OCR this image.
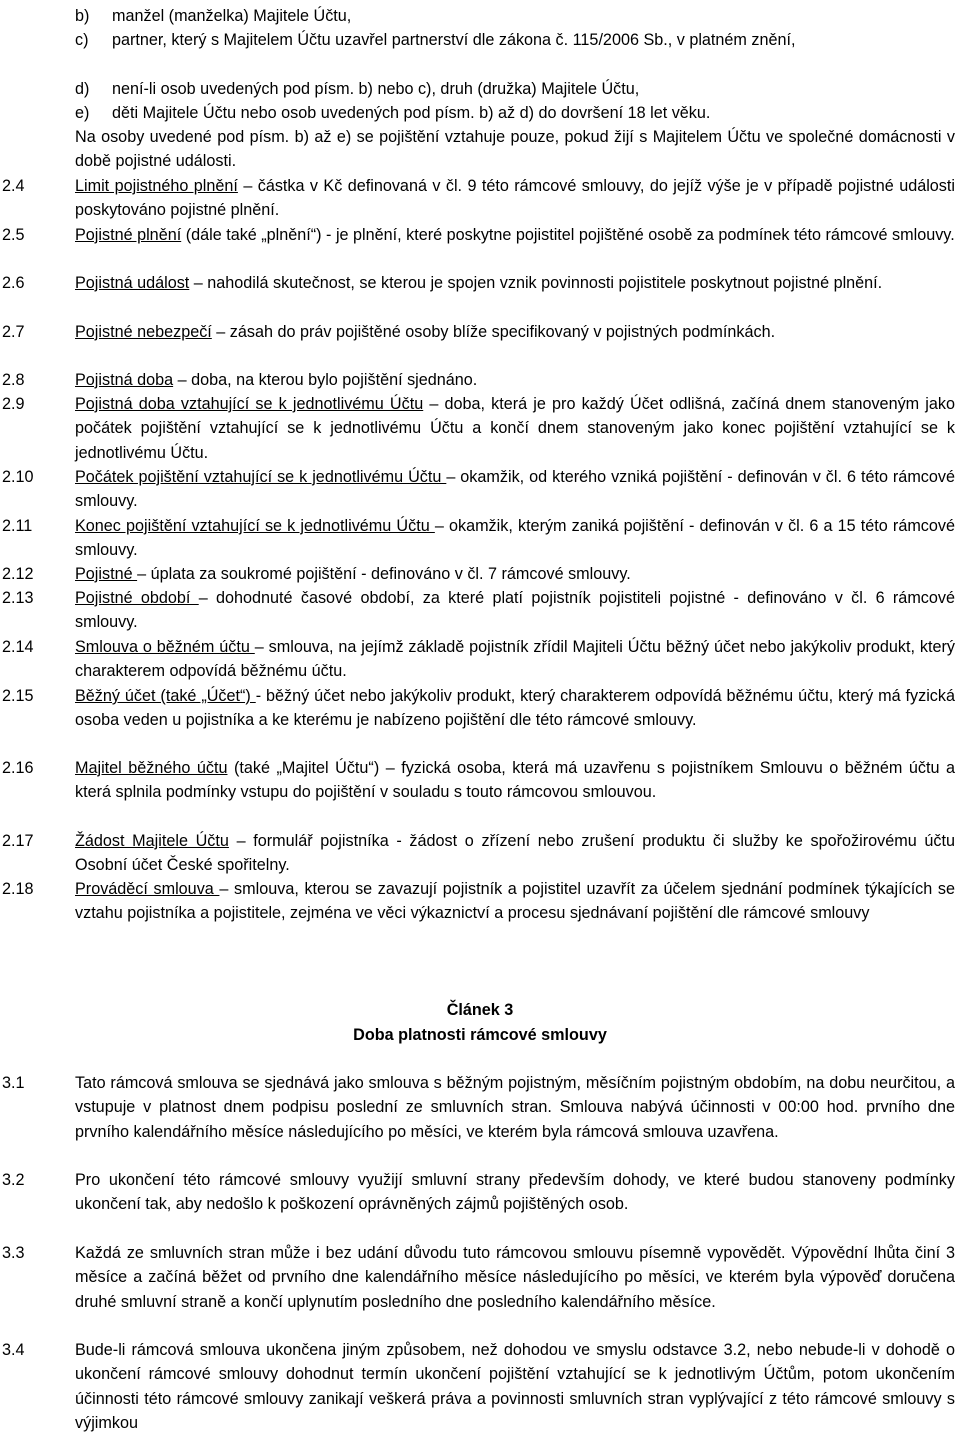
b)	manžel (manželka) Majitele Účtu,
c)	partner, který s Majitelem Účtu uzavřel partnerství dle zákona č. 115/2006 Sb., v platném znění,
d)	není-li osob uvedených pod písm. b) nebo c), druh (družka) Majitele Účtu,
e)	děti Majitele Účtu nebo osob uvedených pod písm. b) až d) do dovršení 18 let věku.
Na osoby uvedené pod písm. b) až e) se pojištění vztahuje pouze, pokud žijí s Majitelem Účtu ve společné domácnosti v době pojistné události.
2.4	Limit pojistného plnění – částka v Kč definovaná v čl. 9 této rámcové smlouvy, do jejíž výše je v případě pojistné události poskytováno pojistné plnění.
2.5	Pojistné plnění (dále také „plnění“) - je plnění, které poskytne pojistitel pojištěné osobě za podmínek této rámcové smlouvy.
2.6	Pojistná událost – nahodilá skutečnost, se kterou je spojen vznik povinnosti pojistitele poskytnout pojistné plnění.
2.7	Pojistné nebezpečí – zásah do práv pojištěné osoby blíže specifikovaný v pojistných podmínkách.
2.8	Pojistná doba – doba, na kterou bylo pojištění sjednáno.
2.9	Pojistná doba vztahující se k jednotlivému Účtu – doba, která je pro každý Účet odlišná, začíná dnem stanoveným jako počátek pojištění vztahující se k jednotlivému Účtu a končí dnem stanoveným jako konec pojištění vztahující se k jednotlivému Účtu.
2.10	Počátek pojištění vztahující se k jednotlivému Účtu – okamžik, od kterého vzniká pojištění - definován v čl. 6 této rámcové smlouvy.
2.11	Konec pojištění vztahující se k jednotlivému Účtu – okamžik, kterým zaniká pojištění - definován v čl. 6 a 15 této rámcové smlouvy.
2.12	Pojistné – úplata za soukromé pojištění - definováno v čl. 7 rámcové smlouvy.
2.13	Pojistné období – dohodnuté časové období, za které platí pojistník pojistiteli pojistné - definováno v čl. 6 rámcové smlouvy.
2.14	Smlouva o běžném účtu – smlouva, na jejímž základě pojistník zřídil Majiteli Účtu běžný účet nebo jakýkoliv produkt, který charakterem odpovídá běžnému účtu.
2.15	Běžný účet (také „Účet“) - běžný účet nebo jakýkoliv produkt, který charakterem odpovídá běžnému účtu, který má fyzická osoba veden u pojistníka a ke kterému je nabízeno pojištění dle této rámcové smlouvy.
2.16	Majitel běžného účtu (také „Majitel Účtu“) – fyzická osoba, která má uzavřenu s pojistníkem Smlouvu o běžném účtu a která splnila podmínky vstupu do pojištění v souladu s touto rámcovou smlouvou.
2.17	Žádost Majitele Účtu – formulář pojistníka - žádost o zřízení nebo zrušení produktu či služby ke spořožirovému účtu Osobní účet České spořitelny.
2.18	Prováděcí smlouva – smlouva, kterou se zavazují pojistník a pojistitel uzavřít za účelem sjednání podmínek týkajících se vztahu pojistníka a pojistitele, zejména ve věci výkaznictví a procesu sjednávaní pojištění dle rámcové smlouvy
Článek 3
Doba platnosti rámcové smlouvy
3.1	Tato rámcová smlouva se sjednává jako smlouva s běžným pojistným, měsíčním pojistným obdobím, na dobu neurčitou, a vstupuje v platnost dnem podpisu poslední ze smluvních stran. Smlouva nabývá účinnosti v 00:00 hod. prvního dne prvního kalendářního měsíce následujícího po měsíci, ve kterém byla rámcová smlouva uzavřena.
3.2	Pro ukončení této rámcové smlouvy využijí smluvní strany především dohody, ve které budou stanoveny podmínky ukončení tak, aby nedošlo k poškození oprávněných zájmů pojištěných osob.
3.3	Každá ze smluvních stran může i bez udání důvodu tuto rámcovou smlouvu písemně vypovědět. Výpovědní lhůta činí 3 měsíce a začíná běžet od prvního dne kalendářního měsíce následujícího po měsíci, ve kterém byla výpověď doručena druhé smluvní straně a končí uplynutím posledního dne posledního kalendářního měsíce.
3.4	Bude-li rámcová smlouva ukončena jiným způsobem, než dohodou ve smyslu odstavce 3.2, nebo nebude-li v dohodě o ukončení rámcové smlouvy dohodnut termín ukončení pojištění vztahující se k jednotlivým Účtům, potom ukončením účinnosti této rámcové smlouvy zanikají veškerá práva a povinnosti smluvních stran vyplývající z této rámcové smlouvy s výjimkou
